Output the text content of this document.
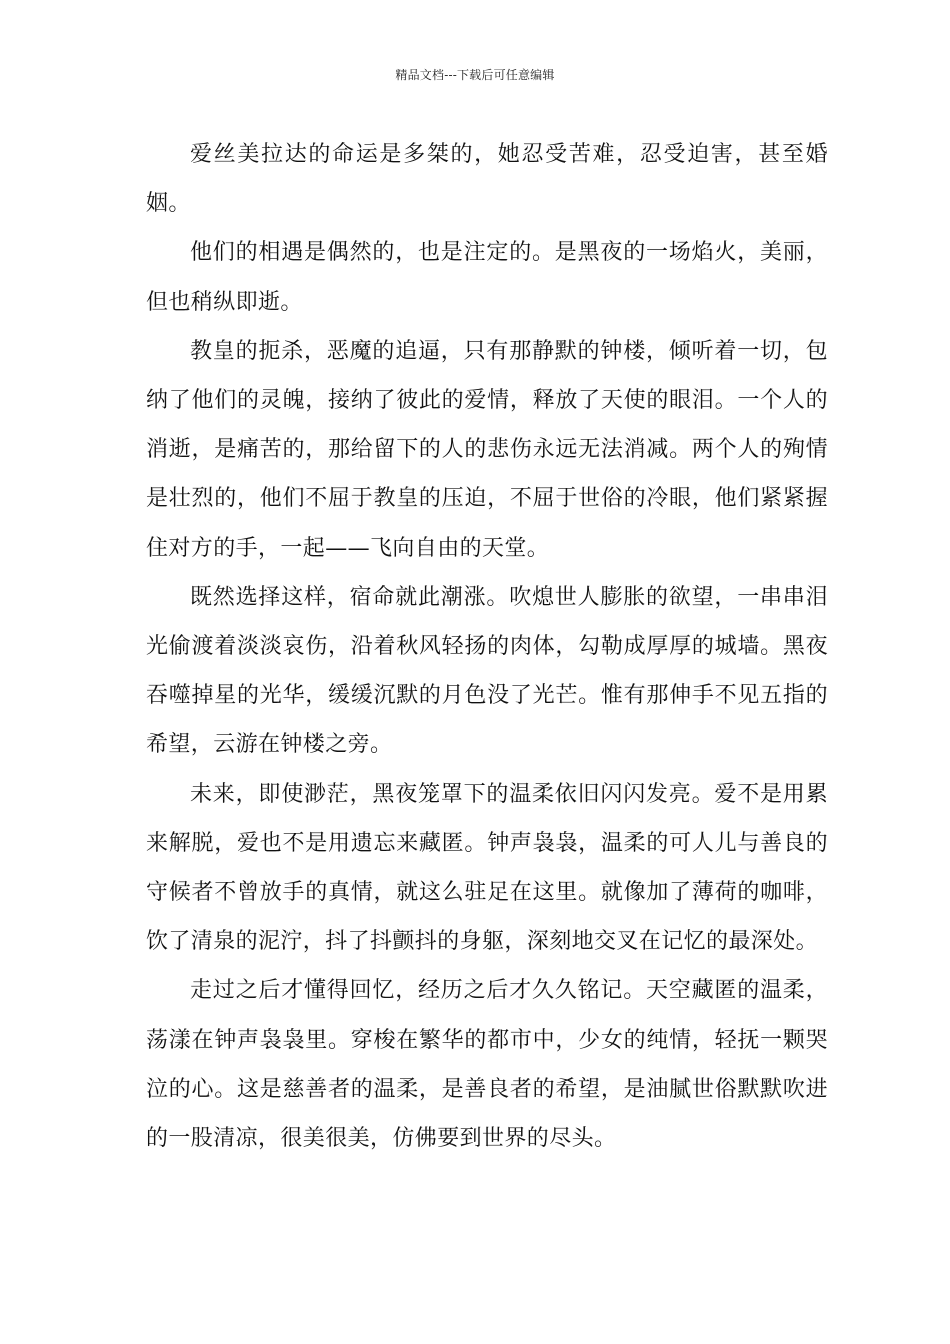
精品文档---下载后可任意编辑

爱丝美拉达的命运是多桀的，她忍受苦难，忍受迫害，甚至婚姻。

他们的相遇是偶然的，也是注定的。是黑夜的一场焰火，美丽，但也稍纵即逝。

教皇的扼杀，恶魔的追逼，只有那静默的钟楼，倾听着一切，包纳了他们的灵魄，接纳了彼此的爱情，释放了天使的眼泪。一个人的消逝，是痛苦的，那给留下的人的悲伤永远无法消减。两个人的殉情是壮烈的，他们不屈于教皇的压迫，不屈于世俗的冷眼，他们紧紧握住对方的手，一起——飞向自由的天堂。

既然选择这样，宿命就此潮涨。吹熄世人膨胀的欲望，一串串泪光偷渡着淡淡哀伤，沿着秋风轻扬的肉体，勾勒成厚厚的城墙。黑夜吞噬掉星的光华，缓缓沉默的月色没了光芒。惟有那伸手不见五指的希望，云游在钟楼之旁。

未来，即使渺茫，黑夜笼罩下的温柔依旧闪闪发亮。爱不是用累来解脱，爱也不是用遗忘来藏匿。钟声袅袅，温柔的可人儿与善良的守候者不曾放手的真情，就这么驻足在这里。就像加了薄荷的咖啡，饮了清泉的泥泞，抖了抖颤抖的身躯，深刻地交叉在记忆的最深处。

走过之后才懂得回忆，经历之后才久久铭记。天空藏匿的温柔，荡漾在钟声袅袅里。穿梭在繁华的都市中，少女的纯情，轻抚一颗哭泣的心。这是慈善者的温柔，是善良者的希望，是油腻世俗默默吹进的一股清凉，很美很美，仿佛要到世界的尽头。
